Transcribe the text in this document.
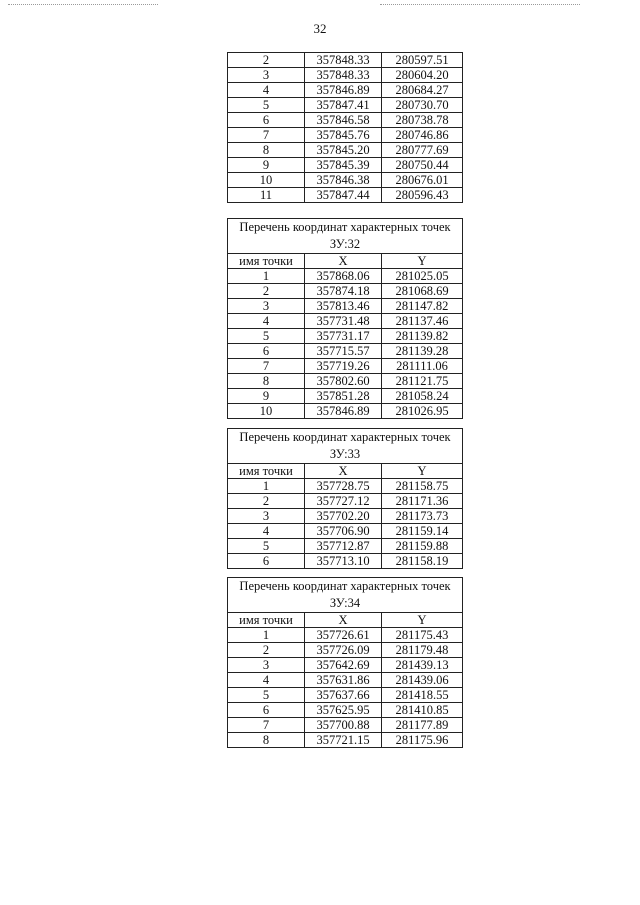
32
2	357848.33	280597.51
3	357848.33	280604.20
4	357846.89	280684.27
5	357847.41	280730.70
6	357846.58	280738.78
7	357845.76	280746.86
8	357845.20	280777.69
9	357845.39	280750.44
10	357846.38	280676.01
11	357847.44	280596.43
Перечень координат характерных точек ЗУ:32		
имя точки	X	Y
1	357868.06	281025.05
2	357874.18	281068.69
3	357813.46	281147.82
4	357731.48	281137.46
5	357731.17	281139.82
6	357715.57	281139.28
7	357719.26	281111.06
8	357802.60	281121.75
9	357851.28	281058.24
10	357846.89	281026.95
Перечень координат характерных точек ЗУ:33		
имя точки	X	Y
1	357728.75	281158.75
2	357727.12	281171.36
3	357702.20	281173.73
4	357706.90	281159.14
5	357712.87	281159.88
6	357713.10	281158.19
Перечень координат характерных точек ЗУ:34		
имя точки	X	Y
1	357726.61	281175.43
2	357726.09	281179.48
3	357642.69	281439.13
4	357631.86	281439.06
5	357637.66	281418.55
6	357625.95	281410.85
7	357700.88	281177.89
8	357721.15	281175.96
